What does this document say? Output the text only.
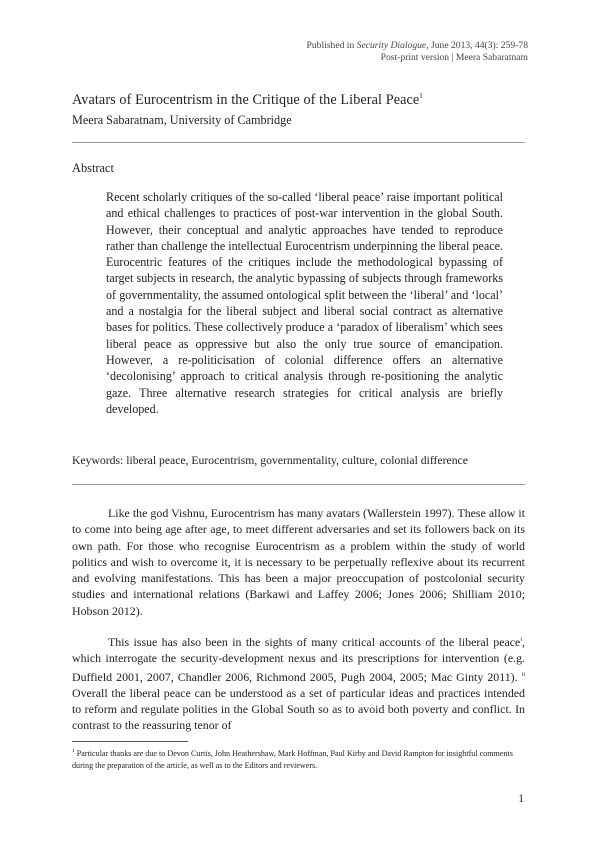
Published in Security Dialogue, June 2013, 44(3): 259-78
Post-print version | Meera Sabaratnam
Avatars of Eurocentrism in the Critique of the Liberal Peace$^1$
Meera Sabaratnam, University of Cambridge
Abstract
Recent scholarly critiques of the so-called ‘liberal peace’ raise important political and ethical challenges to practices of post-war intervention in the global South. However, their conceptual and analytic approaches have tended to reproduce rather than challenge the intellectual Eurocentrism underpinning the liberal peace. Eurocentric features of the critiques include the methodological bypassing of target subjects in research, the analytic bypassing of subjects through frameworks of governmentality, the assumed ontological split between the ‘liberal’ and ‘local’ and a nostalgia for the liberal subject and liberal social contract as alternative bases for politics. These collectively produce a ‘paradox of liberalism’ which sees liberal peace as oppressive but also the only true source of emancipation. However, a re-politicisation of colonial difference offers an alternative ‘decolonising’ approach to critical analysis through re-positioning the analytic gaze. Three alternative research strategies for critical analysis are briefly developed.
Keywords: liberal peace, Eurocentrism, governmentality, culture, colonial difference
Like the god Vishnu, Eurocentrism has many avatars (Wallerstein 1997). These allow it to come into being age after age, to meet different adversaries and set its followers back on its own path. For those who recognise Eurocentrism as a problem within the study of world politics and wish to overcome it, it is necessary to be perpetually reflexive about its recurrent and evolving manifestations. This has been a major preoccupation of postcolonial security studies and international relations (Barkawi and Laffey 2006; Jones 2006; Shilliam 2010; Hobson 2012).
This issue has also been in the sights of many critical accounts of the liberal peace$^i$, which interrogate the security-development nexus and its prescriptions for intervention (e.g. Duffield 2001, 2007, Chandler 2006, Richmond 2005, Pugh 2004, 2005; Mac Ginty 2011). $^{ii}$ Overall the liberal peace can be understood as a set of particular ideas and practices intended to reform and regulate polities in the Global South so as to avoid both poverty and conflict. In contrast to the reassuring tenor of
$^1$ Particular thanks are due to Devon Curtis, John Heathershaw, Mark Hoffman, Paul Kirby and David Rampton for insightful comments during the preparation of the article, as well as to the Editors and reviewers.
1
